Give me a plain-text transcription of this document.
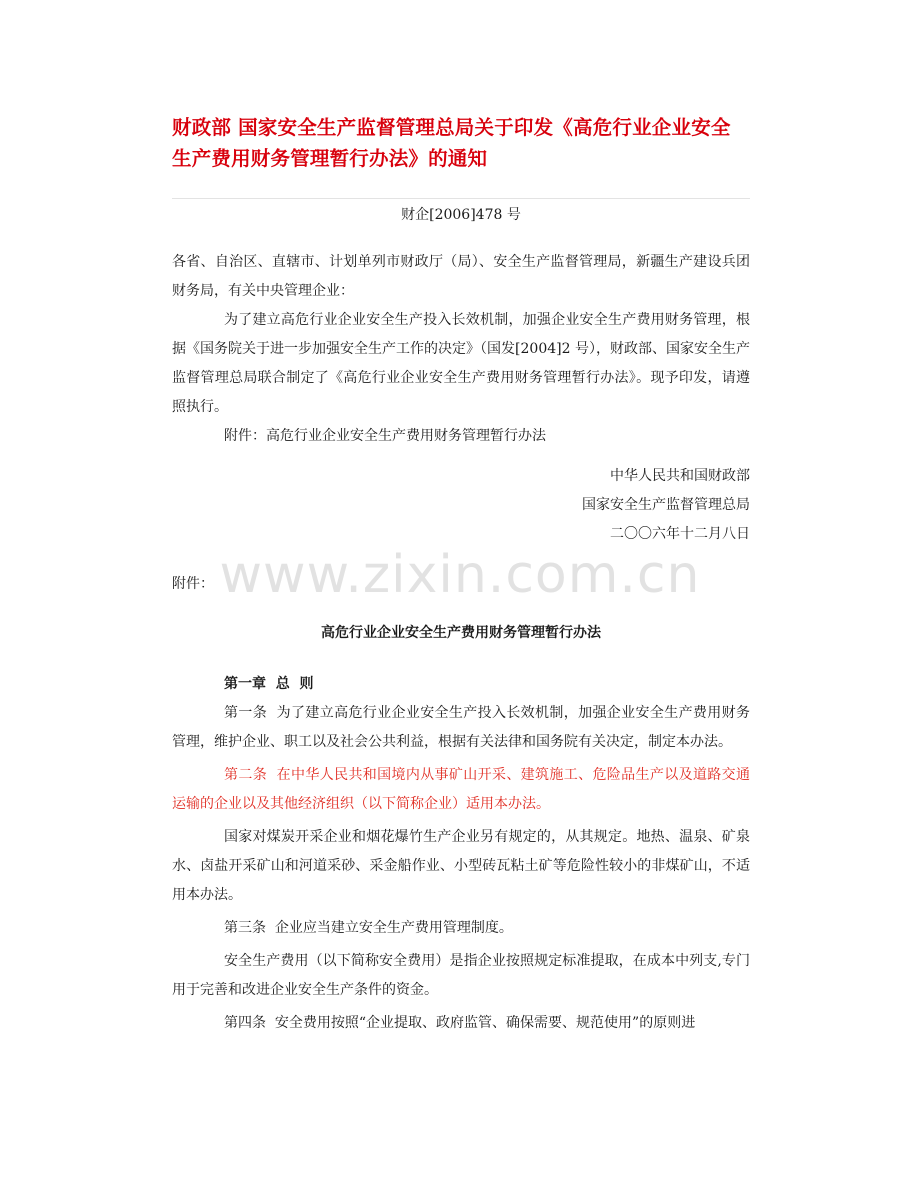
www.zixin.com.cn
财政部 国家安全生产监督管理总局关于印发《高危行业企业安全生产费用财务管理暂行办法》的通知
财企[2006]478 号

各省、自治区、直辖市、计划单列市财政厅（局）、安全生产监督管理局，新疆生产建设兵团财务局，有关中央管理企业：

为了建立高危行业企业安全生产投入长效机制，加强企业安全生产费用财务管理，根据《国务院关于进一步加强安全生产工作的决定》（国发[2004]2 号），财政部、国家安全生产监督管理总局联合制定了《高危行业企业安全生产费用财务管理暂行办法》。现予印发，请遵照执行。

附件：高危行业企业安全生产费用财务管理暂行办法

中华人民共和国财政部

国家安全生产监督管理总局

二〇〇六年十二月八日

附件：

高危行业企业安全生产费用财务管理暂行办法

第一章  总  则

第一条  为了建立高危行业企业安全生产投入长效机制，加强企业安全生产费用财务管理，维护企业、职工以及社会公共利益，根据有关法律和国务院有关决定，制定本办法。

第二条  在中华人民共和国境内从事矿山开采、建筑施工、危险品生产以及道路交通运输的企业以及其他经济组织（以下简称企业）适用本办法。

国家对煤炭开采企业和烟花爆竹生产企业另有规定的，从其规定。地热、温泉、矿泉水、卤盐开采矿山和河道采砂、采金船作业、小型砖瓦粘土矿等危险性较小的非煤矿山，不适用本办法。

第三条  企业应当建立安全生产费用管理制度。

安全生产费用（以下简称安全费用）是指企业按照规定标准提取，在成本中列支,专门用于完善和改进企业安全生产条件的资金。

第四条  安全费用按照“企业提取、政府监管、确保需要、规范使用”的原则进
